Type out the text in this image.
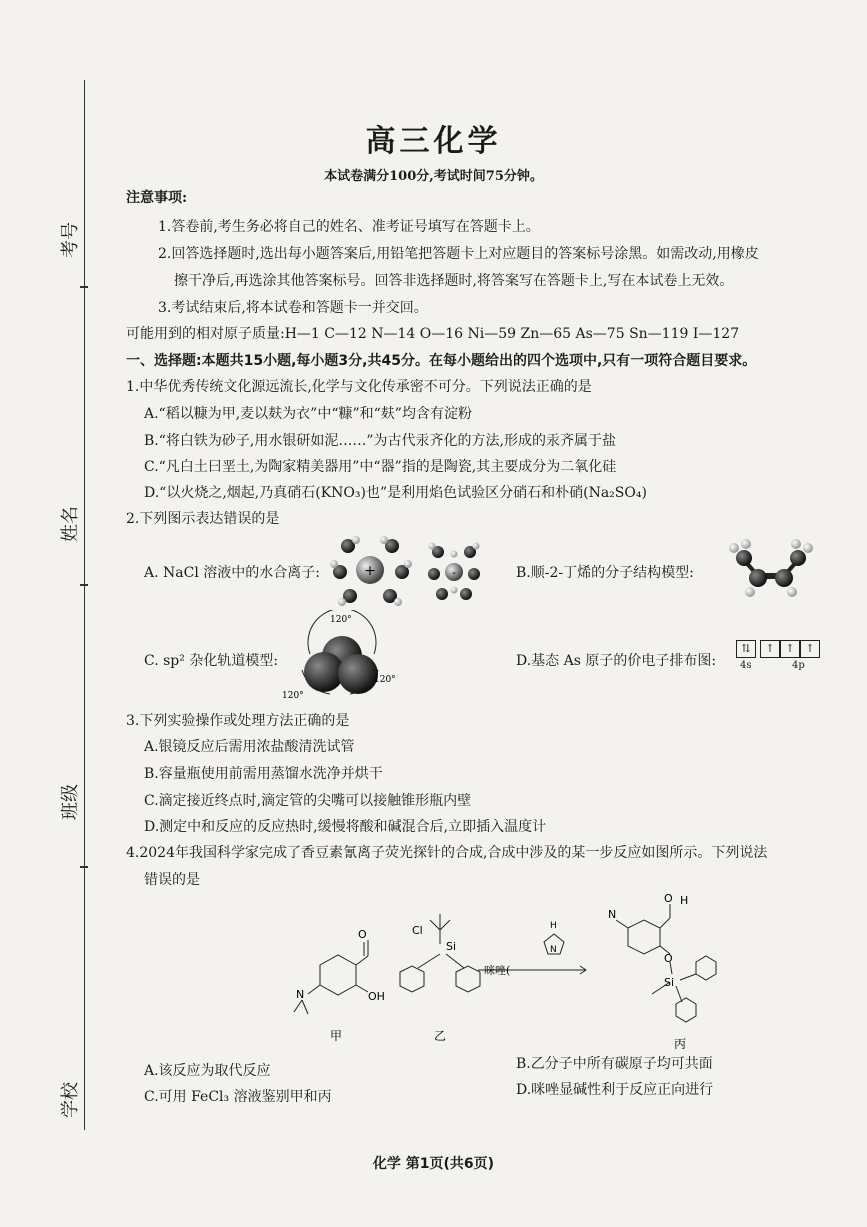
考号
姓名
班级
学校
高三化学
本试卷满分100分,考试时间75分钟。
注意事项:
1.答卷前,考生务必将自己的姓名、准考证号填写在答题卡上。
2.回答选择题时,选出每小题答案后,用铅笔把答题卡上对应题目的答案标号涂黑。如需改动,用橡皮
擦干净后,再选涂其他答案标号。回答非选择题时,将答案写在答题卡上,写在本试卷上无效。
3.考试结束后,将本试卷和答题卡一并交回。
可能用到的相对原子质量:H—1 C—12 N—14 O—16 Ni—59 Zn—65 As—75 Sn—119 I—127
一、选择题:本题共15小题,每小题3分,共45分。在每小题给出的四个选项中,只有一项符合题目要求。
1.中华优秀传统文化源远流长,化学与文化传承密不可分。下列说法正确的是
A.“稻以糠为甲,麦以麸为衣”中“糠”和“麸”均含有淀粉
B.“将白铁为砂子,用水银研如泥……”为古代汞齐化的方法,形成的汞齐属于盐
C.“凡白土曰垩土,为陶家精美器用”中“器”指的是陶瓷,其主要成分为二氧化硅
D.“以火烧之,烟起,乃真硝石(KNO₃)也”是利用焰色试验区分硝石和朴硝(Na₂SO₄)
2.下列图示表达错误的是
A. NaCl 溶液中的水合离子:	+	-	B.顺-2-丁烯的分子结构模型:
C. sp² 杂化轨道模型:
120°
120°
120°
D.基态 As 原子的价电子排布图:
⇅ ↑ ↑ ↑
4s	4p
3.下列实验操作或处理方法正确的是
A.银镜反应后需用浓盐酸清洗试管
B.容量瓶使用前需用蒸馏水洗净并烘干
C.滴定接近终点时,滴定管的尖嘴可以接触锥形瓶内壁
D.测定中和反应的反应热时,缓慢将酸和碱混合后,立即插入温度计
4.2024年我国科学家完成了香豆素氰离子荧光探针的合成,合成中涉及的某一步反应如图所示。下列说法
错误的是
Si
Cl
O
OH
N
咪唑(
H
N
N
O H
O
Si
甲	乙
丙
A.该反应为取代反应	B.乙分子中所有碳原子均可共面
C.可用 FeCl₃ 溶液鉴别甲和丙	D.咪唑显碱性利于反应正向进行
化学 第1页(共6页)
